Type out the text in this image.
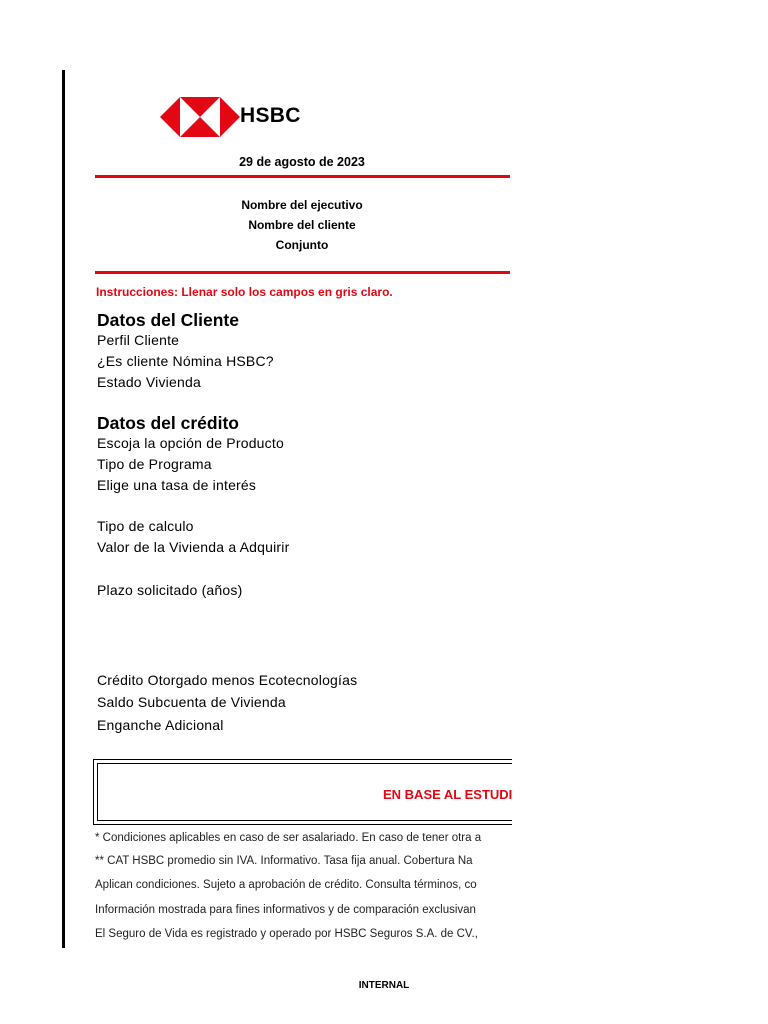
HSBC
29 de agosto de 2023
Nombre del ejecutivo
Nombre del cliente
Conjunto
Instrucciones: Llenar solo los campos en gris claro.
Datos del Cliente
Perfil Cliente
¿Es cliente Nómina HSBC?
Estado Vivienda
Datos del crédito
Escoja la opción de Producto
Tipo de Programa
Elige una tasa de interés
Tipo de calculo
Valor de la Vivienda a Adquirir
Plazo solicitado (años)
Crédito Otorgado menos Ecotecnologías
Saldo Subcuenta de Vivienda
Enganche Adicional
EN BASE AL ESTUDI
* Condiciones aplicables en caso de ser asalariado. En caso de tener otra a
** CAT HSBC promedio sin IVA. Informativo. Tasa fija anual. Cobertura Na
Aplican condiciones. Sujeto a aprobación de crédito. Consulta términos, co
Información mostrada para fines informativos y de comparación exclusivan
El Seguro de Vida es registrado y operado por HSBC Seguros S.A. de CV.,
INTERNAL
